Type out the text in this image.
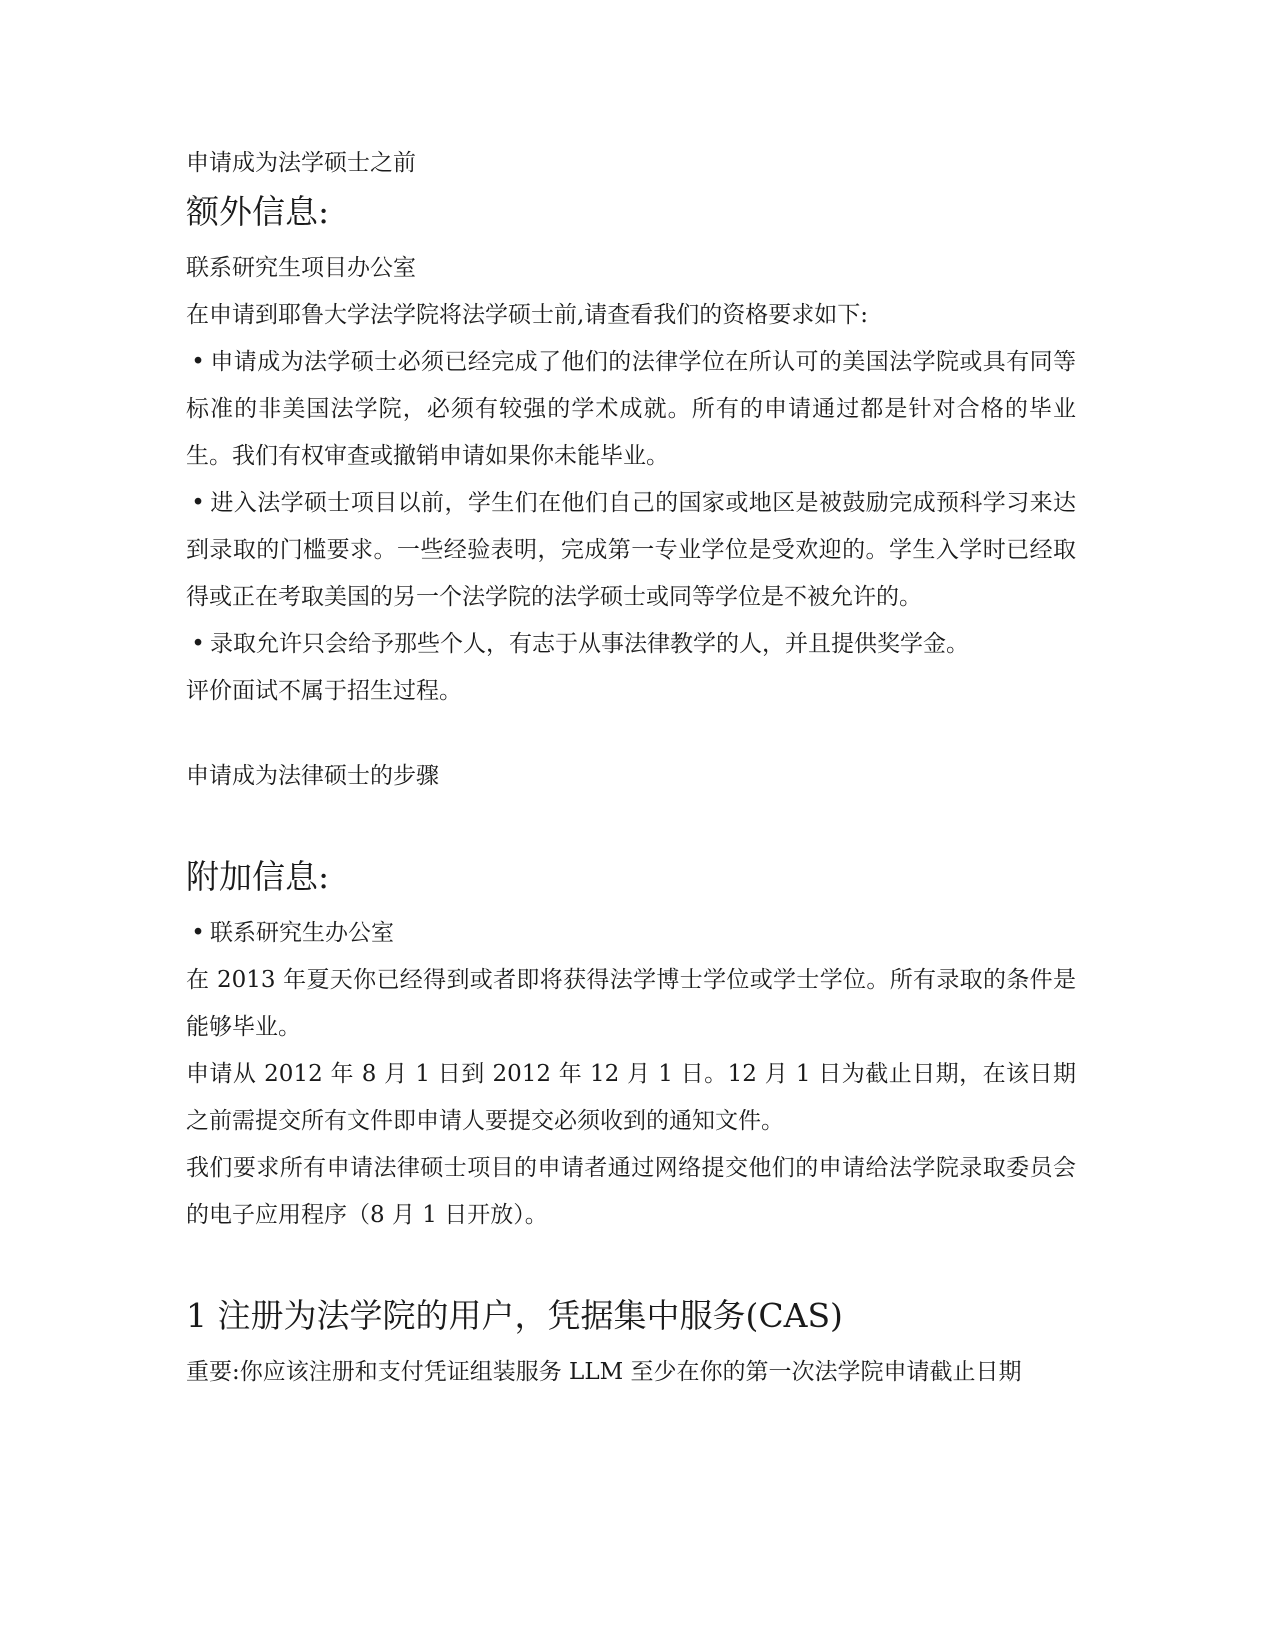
申请成为法学硕士之前

额外信息:

联系研究生项目办公室

在申请到耶鲁大学法学院将法学硕士前,请查看我们的资格要求如下:

• 申请成为法学硕士必须已经完成了他们的法律学位在所认可的美国法学院或具有同等标准的非美国法学院，必须有较强的学术成就。所有的申请通过都是针对合格的毕业生。我们有权审查或撤销申请如果你未能毕业。

• 进入法学硕士项目以前，学生们在他们自己的国家或地区是被鼓励完成预科学习来达到录取的门槛要求。一些经验表明，完成第一专业学位是受欢迎的。学生入学时已经取得或正在考取美国的另一个法学院的法学硕士或同等学位是不被允许的。

• 录取允许只会给予那些个人，有志于从事法律教学的人，并且提供奖学金。

评价面试不属于招生过程。

申请成为法律硕士的步骤

附加信息:

• 联系研究生办公室

在 2013 年夏天你已经得到或者即将获得法学博士学位或学士学位。所有录取的条件是能够毕业。

申请从 2012 年 8 月 1 日到 2012 年 12 月 1 日。12 月 1 日为截止日期，在该日期之前需提交所有文件即申请人要提交必须收到的通知文件。

我们要求所有申请法律硕士项目的申请者通过网络提交他们的申请给法学院录取委员会的电子应用程序（8 月 1 日开放）。

1 注册为法学院的用户，凭据集中服务(CAS)

重要:你应该注册和支付凭证组装服务 LLM 至少在你的第一次法学院申请截止日期
